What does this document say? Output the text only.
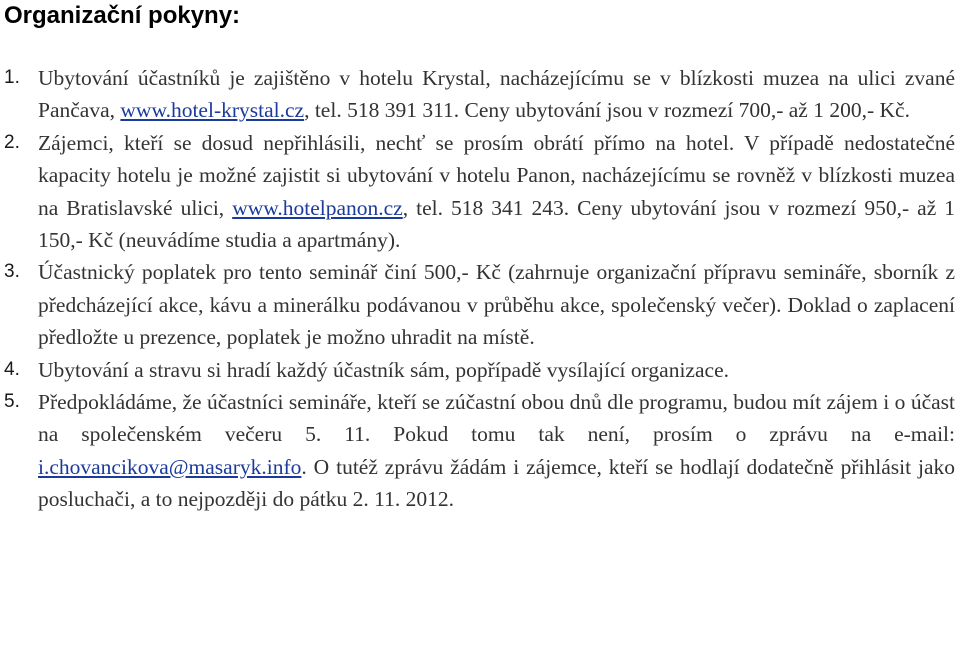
Organizační pokyny:
1. Ubytování účastníků je zajištěno v hotelu Krystal, nacházejícímu se v blízkosti muzea na ulici zvané Pančava, www.hotel-krystal.cz, tel. 518 391 311. Ceny ubytování jsou v rozmezí 700,- až 1 200,- Kč.
2. Zájemci, kteří se dosud nepřihlásili, nechť se prosím obrátí přímo na hotel. V případě nedostatečné kapacity hotelu je možné zajistit si ubytování v hotelu Panon, nacházejícímu se rovněž v blízkosti muzea na Bratislavské ulici, www.hotelpanon.cz, tel. 518 341 243. Ceny ubytování jsou v rozmezí 950,- až 1 150,- Kč (neuvádíme studia a apartmány).
3. Účastnický poplatek pro tento seminář činí 500,- Kč (zahrnuje organizační přípravu semináře, sborník z předcházející akce, kávu a minerálku podávanou v průběhu akce, společenský večer). Doklad o zaplacení předložte u prezence, poplatek je možno uhradit na místě.
4. Ubytování a stravu si hradí každý účastník sám, popřípadě vysílající organizace.
5. Předpokládáme, že účastníci semináře, kteří se zúčastní obou dnů dle programu, budou mít zájem i o účast na společenském večeru 5. 11. Pokud tomu tak není, prosím o zprávu na e-mail: i.chovancikova@masaryk.info. O tutéž zprávu žádám i zájemce, kteří se hodlají dodatečně přihlásit jako posluchači, a to nejpozději do pátku 2. 11. 2012.
